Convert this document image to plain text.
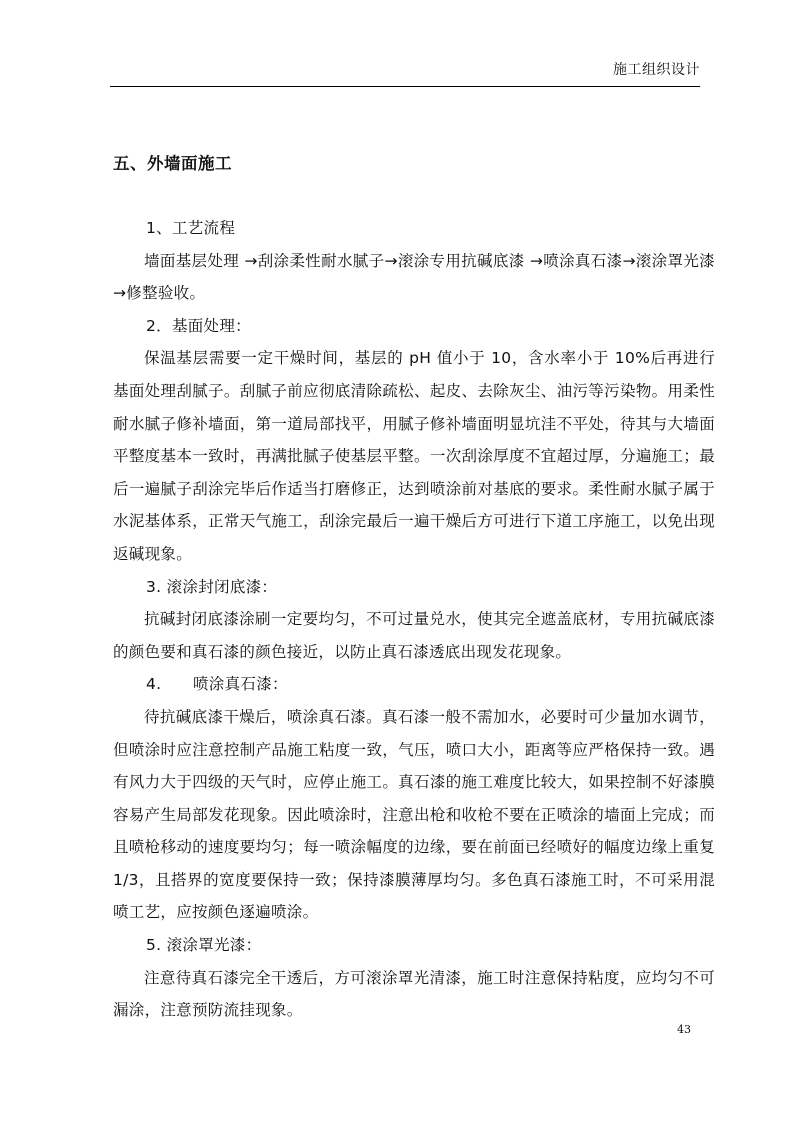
施工组织设计
五、外墙面施工

1、工艺流程

墙面基层处理 →刮涂柔性耐水腻子→滚涂专用抗碱底漆 →喷涂真石漆→滚涂罩光漆→修整验收。

2．基面处理：

保温基层需要一定干燥时间，基层的 pH 值小于 10，含水率小于 10%后再进行基面处理刮腻子。刮腻子前应彻底清除疏松、起皮、去除灰尘、油污等污染物。用柔性耐水腻子修补墙面，第一道局部找平，用腻子修补墙面明显坑洼不平处，待其与大墙面平整度基本一致时，再满批腻子使基层平整。一次刮涂厚度不宜超过厚，分遍施工；最后一遍腻子刮涂完毕后作适当打磨修正，达到喷涂前对基底的要求。柔性耐水腻子属于水泥基体系，正常天气施工，刮涂完最后一遍干燥后方可进行下道工序施工，以免出现返碱现象。

3. 滚涂封闭底漆：

抗碱封闭底漆涂刷一定要均匀，不可过量兑水，使其完全遮盖底材，专用抗碱底漆的颜色要和真石漆的颜色接近，以防止真石漆透底出现发花现象。

4.　　喷涂真石漆：

待抗碱底漆干燥后，喷涂真石漆。真石漆一般不需加水，必要时可少量加水调节，但喷涂时应注意控制产品施工粘度一致，气压，喷口大小，距离等应严格保持一致。遇有风力大于四级的天气时，应停止施工。真石漆的施工难度比较大，如果控制不好漆膜容易产生局部发花现象。因此喷涂时，注意出枪和收枪不要在正喷涂的墙面上完成；而且喷枪移动的速度要均匀；每一喷涂幅度的边缘，要在前面已经喷好的幅度边缘上重复 1/3，且搭界的宽度要保持一致；保持漆膜薄厚均匀。多色真石漆施工时，不可采用混喷工艺，应按颜色逐遍喷涂。

5. 滚涂罩光漆：

注意待真石漆完全干透后，方可滚涂罩光清漆，施工时注意保持粘度，应均匀不可漏涂，注意预防流挂现象。

43
